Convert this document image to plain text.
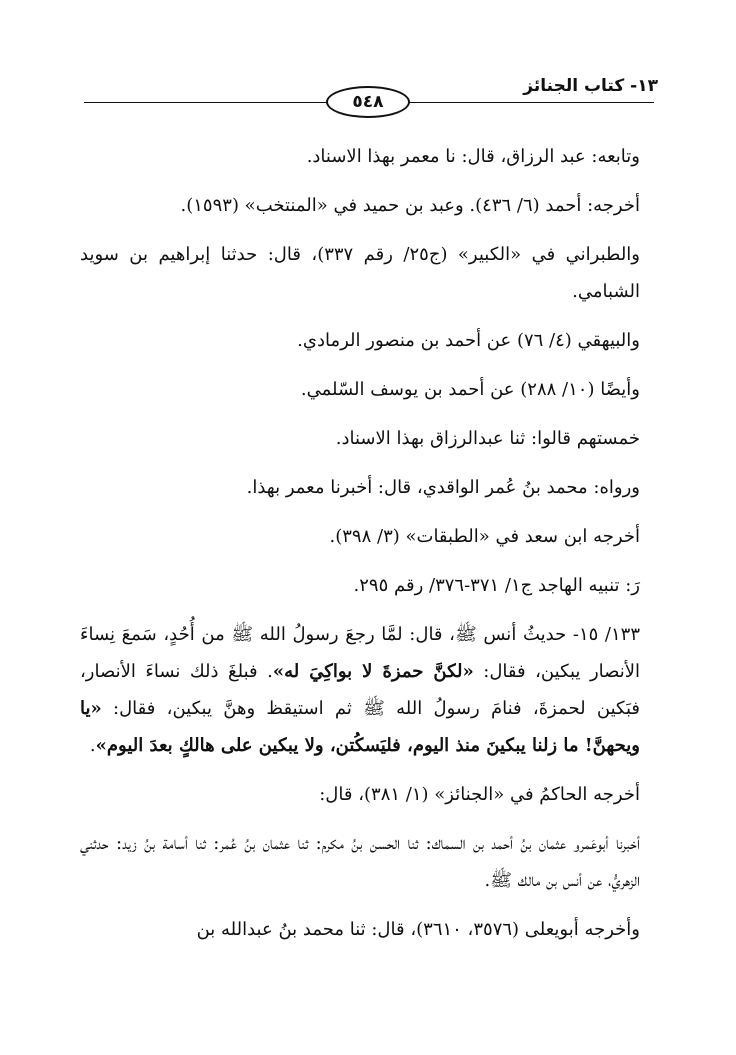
١٣- كتاب الجنائز
٥٤٨

وتابعه: عبد الرزاق، قال: نا معمر بهذا الاسناد.

أخرجه: أحمد (٦/ ٤٣٦). وعبد بن حميد في «المنتخب» (١٥٩٣).

والطبراني في «الكبير» (ج٢٥/ رقم ٣٣٧)، قال: حدثنا إبراهيم بن سويد الشبامي.

والبيهقي (٤/ ٧٦) عن أحمد بن منصور الرمادي.

وأيضًا (١٠/ ٢٨٨) عن أحمد بن يوسف السّلمي.

خمستهم قالوا: ثنا عبدالرزاق بهذا الاسناد.

ورواه: محمد بنُ عُمر الواقدي، قال: أخبرنا معمر بهذا.

أخرجه ابن سعد في «الطبقات» (٣/ ٣٩٨).

رَ: تنبيه الهاجد ج١/ ٣٧١-٣٧٦/ رقم ٢٩٥.

١٣٣/ ١٥- حديثُ أنس ﷺ، قال: لمَّا رجعَ رسولُ الله ﷺ من أُحُدٍ، سَمعَ نِساءَ الأنصار يبكين، فقال: «لكنَّ حمزةَ لا بواكِيَ له». فبلغَ ذلك نساءَ الأنصار، فبَكين لحمزةَ، فنامَ رسولُ الله ﷺ ثم استيقظ وهنَّ يبكين، فقال: «يا ويحهنَّ! ما زلنا يبكينَ منذ اليوم، فليَسكُتن، ولا يبكين على هالكٍ بعدَ اليوم».

أخرجه الحاكمُ في «الجنائز» (١/ ٣٨١)، قال:

أخبرنا أبوعَمرو عثمان بنُ أحمد بن السماك: ثنا الحسن بنُ مكرم: ثنا عثمان بنُ عُمر: ثنا أسامة بنُ زيد: حدثني الزهريُّ، عن أنس بن مالك ﷺ.

وأخرجه أبويعلى (٣٥٧٦، ٣٦١٠)، قال: ثنا محمد بنُ عبدالله بن
